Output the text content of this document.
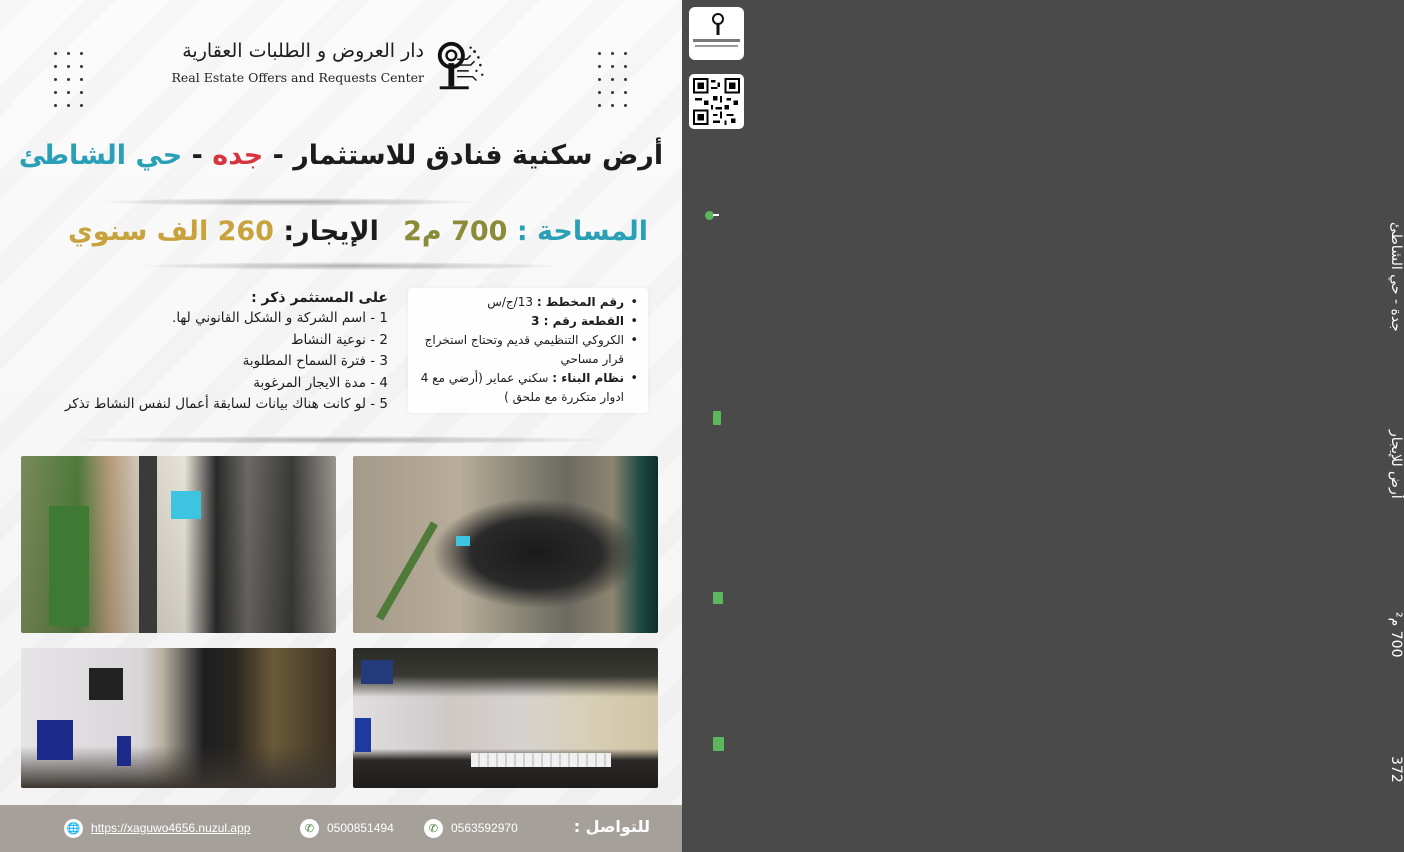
دار العروض و الطلبات العقارية
Real Estate Offers and Requests Center
أرض سكنية فنادق للاستثمار - جده - حي الشاطئ
المساحة : 700 م2
الإيجار: 260 الف سنوي
• رقم المخطط : 13/ج/س
• القطعة رقم : 3
• الكروكي التنظيمي قديم وتحتاج استخراج قرار مساحي
• نظام البناء : سكني عماير (أرضي مع 4 ادوار متكررة مع ملحق )
على المستثمر ذكر :
1 - اسم الشركة و الشكل القانوني لها.
2 - نوعية النشاط
3 - فترة السماح المطلوبة
4 - مدة الايجار المرغوبة
5 - لو كانت هناك بيانات لسابقة أعمال لنفس النشاط تذكر
للتواصل :
✆	0563592970
✆	0500851494
🌐 https://xaguwo4656.nuzul.app
جدة - حي الشاطئ
أرض للإيجار
700 م²
372
